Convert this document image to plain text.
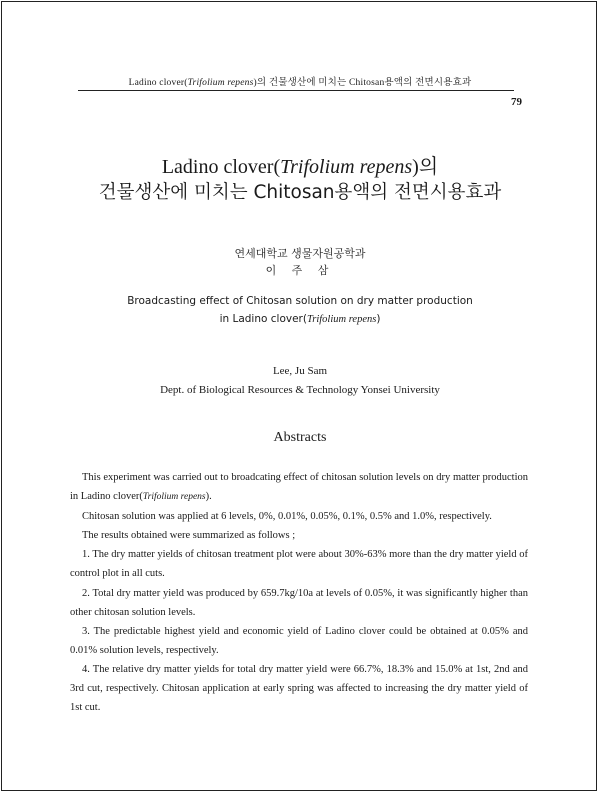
Ladino clover(Trifolium repens)의 건물생산에 미치는 Chitosan용액의 전면시용효과
79
Ladino clover(Trifolium repens)의
건물생산에 미치는 Chitosan용액의 전면시용효과
연세대학교 생물자원공학과
이 주 삼
Broadcasting effect of Chitosan solution on dry matter production
in Ladino clover(Trifolium repens)
Lee, Ju Sam
Dept. of Biological Resources & Technology Yonsei University
Abstracts

This experiment was carried out to broadcating effect of chitosan solution levels on dry matter production in Ladino clover(Trifolium repens).

Chitosan solution was applied at 6 levels, 0%, 0.01%, 0.05%, 0.1%, 0.5% and 1.0%, respectively.

The results obtained were summarized as follows ;

1. The dry matter yields of chitosan treatment plot were about 30%-63% more than the dry matter yield of control plot in all cuts.

2. Total dry matter yield was produced by 659.7kg/10a at levels of 0.05%, it was significantly higher than other chitosan solution levels.

3. The predictable highest yield and economic yield of Ladino clover could be obtained at 0.05% and 0.01% solution levels, respectively.

4. The relative dry matter yields for total dry matter yield were 66.7%, 18.3% and 15.0% at 1st, 2nd and 3rd cut, respectively. Chitosan application at early spring was affected to increasing the dry matter yield of 1st cut.
